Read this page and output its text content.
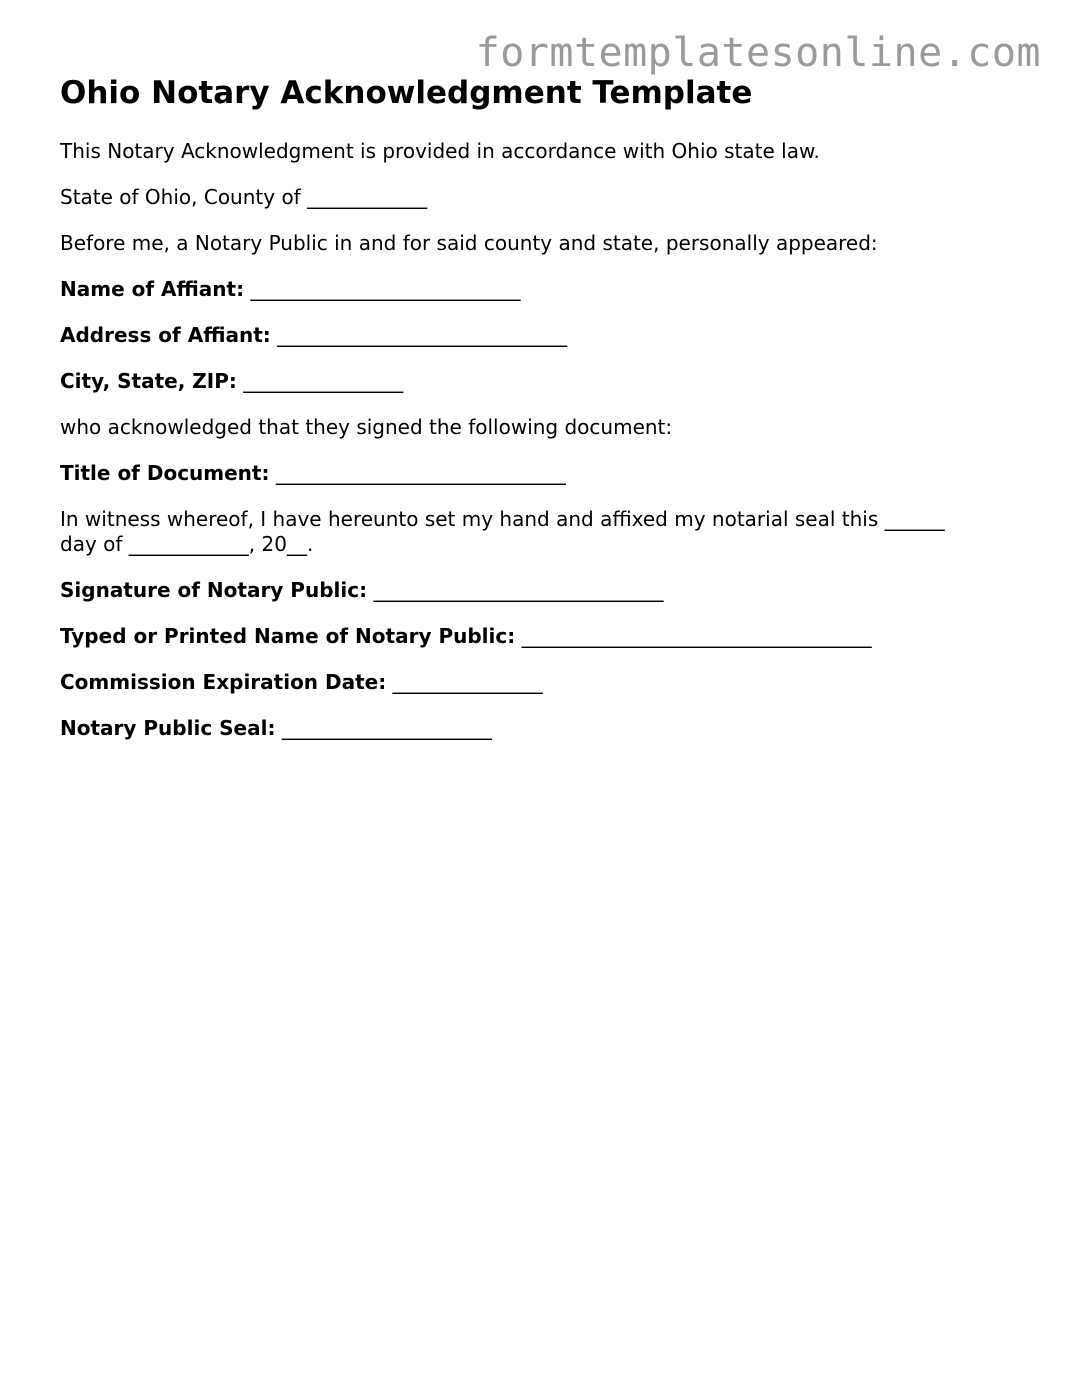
formtemplatesonline.com
Ohio Notary Acknowledgment Template

This Notary Acknowledgment is provided in accordance with Ohio state law.

State of Ohio, County of ____________

Before me, a Notary Public in and for said county and state, personally appeared:

Name of Affiant: ___________________________

Address of Affiant: _____________________________

City, State, ZIP: ________________

who acknowledged that they signed the following document:

Title of Document: _____________________________

In witness whereof, I have hereunto set my hand and affixed my notarial seal this ______

day of ____________, 20__.

Signature of Notary Public: _____________________________

Typed or Printed Name of Notary Public: ___________________________________

Commission Expiration Date: _______________

Notary Public Seal: _____________________
